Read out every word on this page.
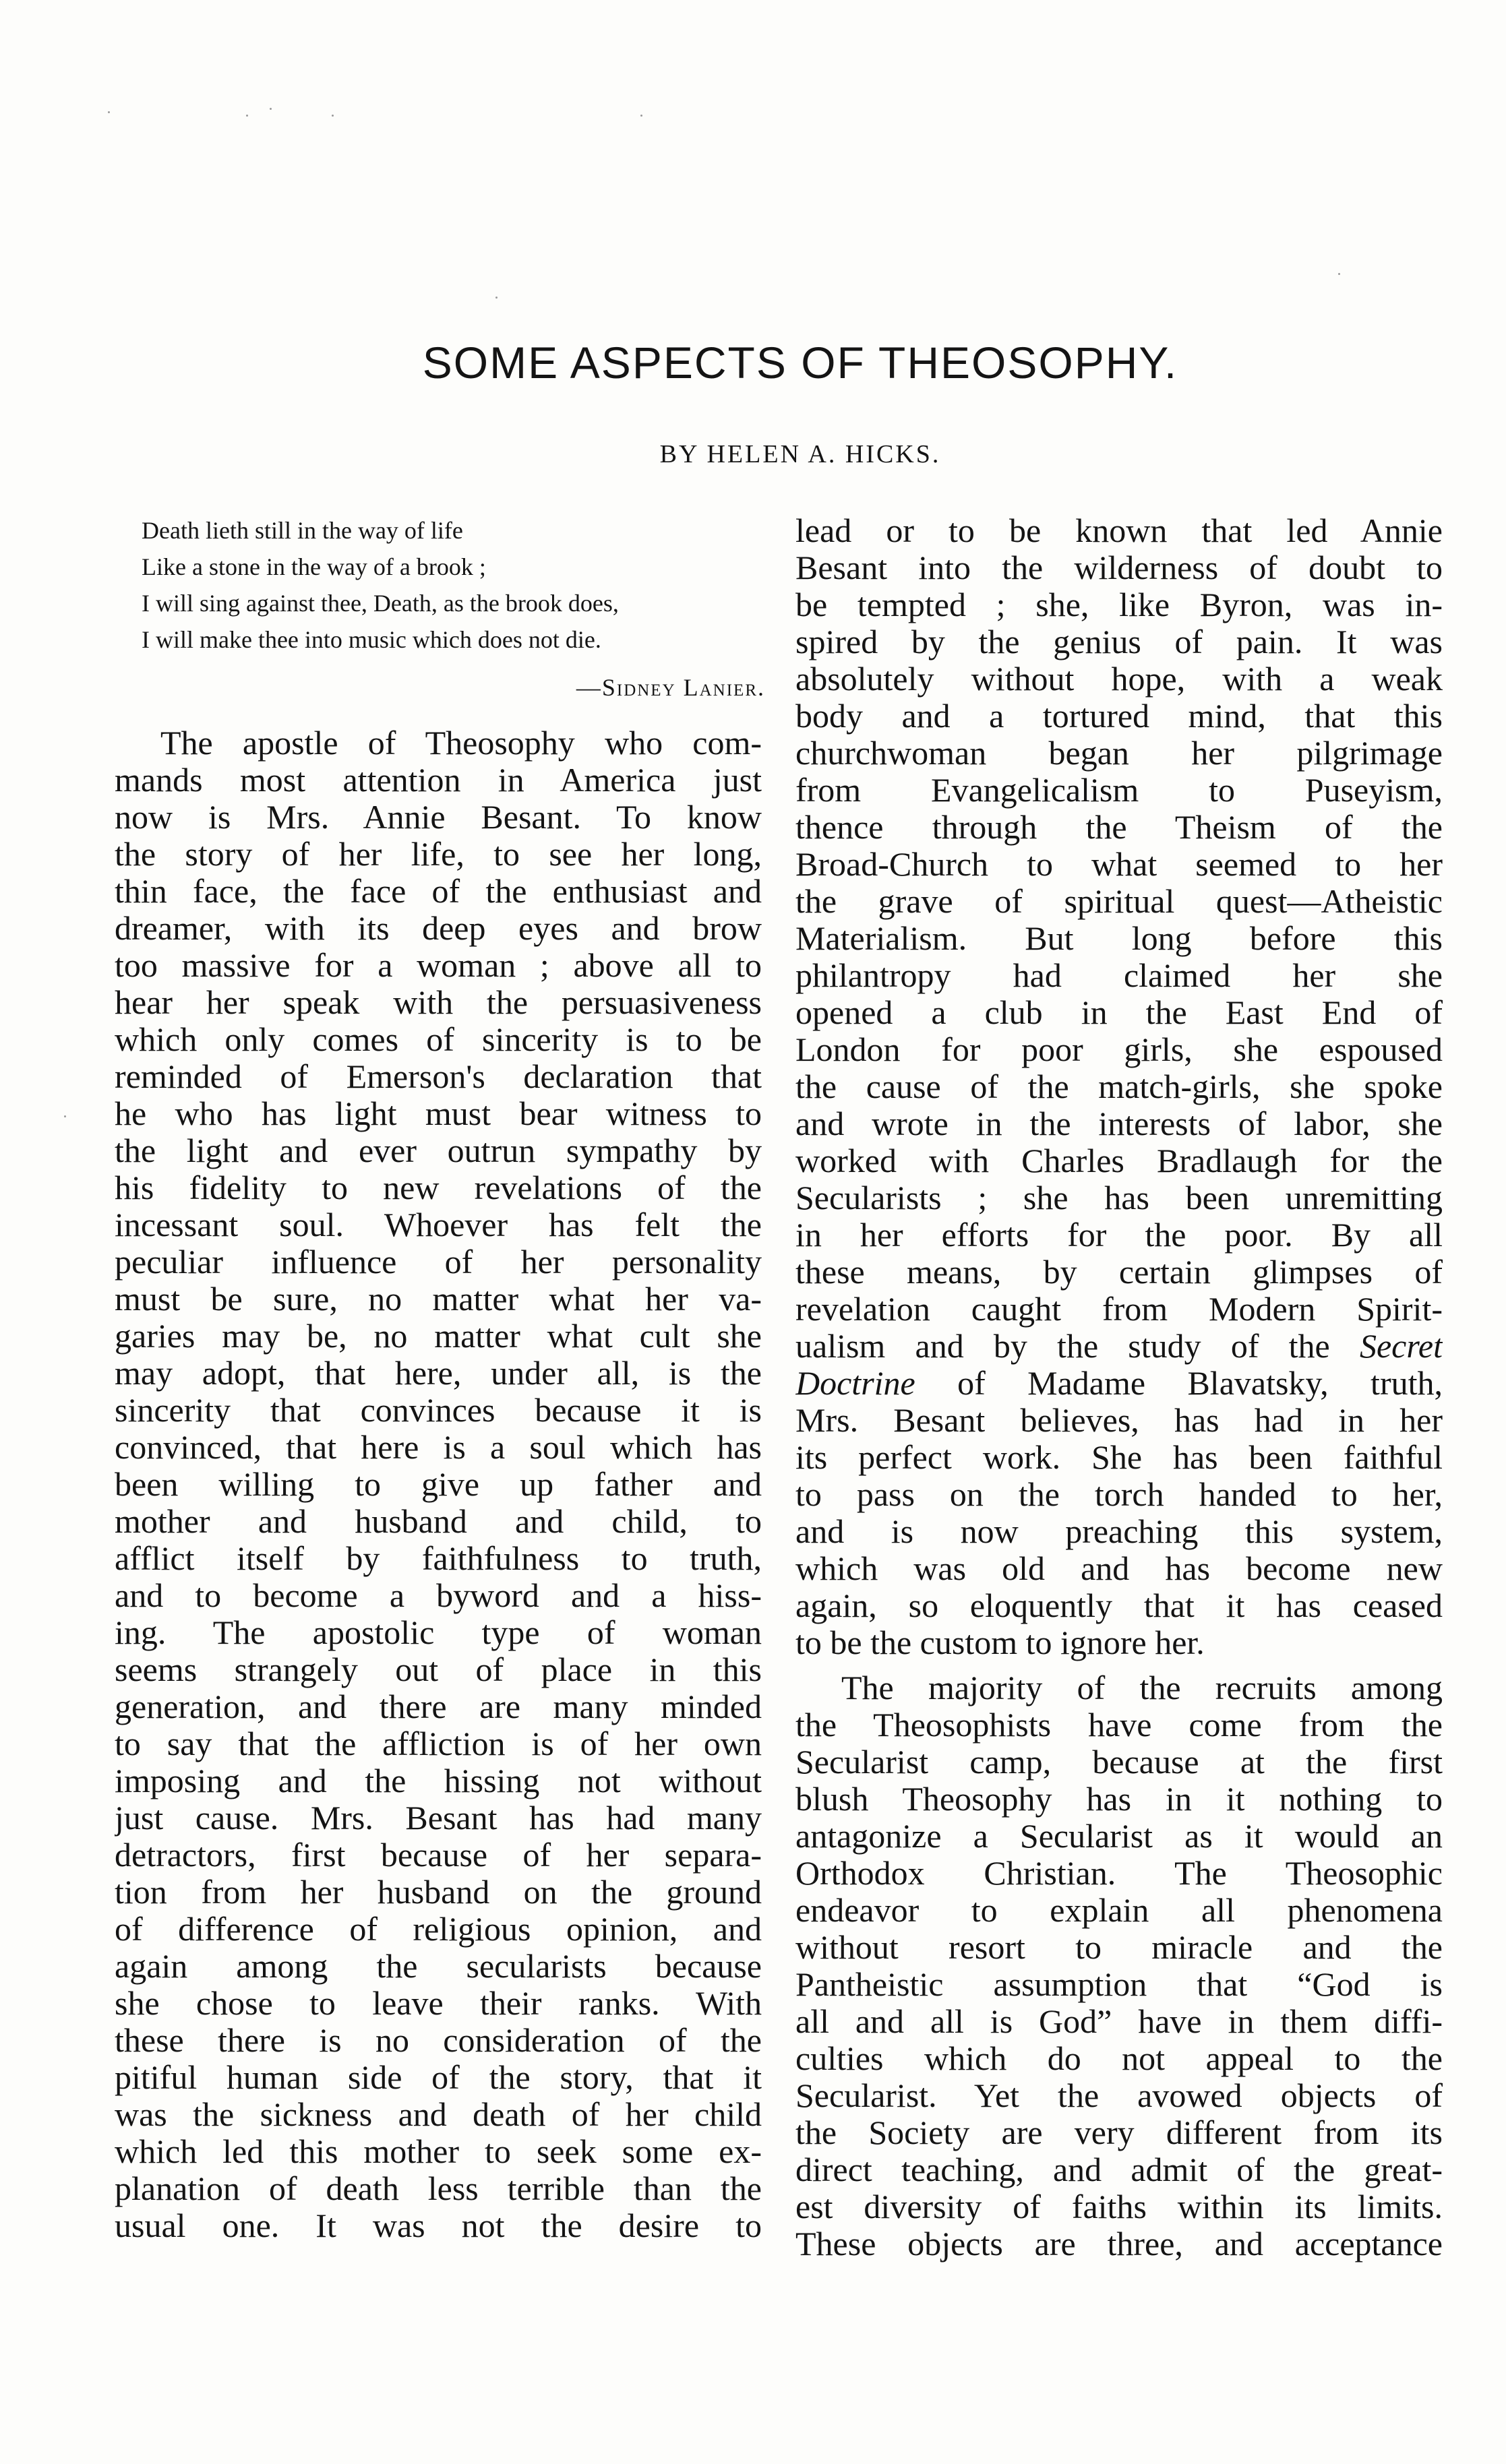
SOME ASPECTS OF THEOSOPHY.
BY HELEN A. HICKS.
Death lieth still in the way of life
Like a stone in the way of a brook ;
I will sing against thee, Death, as the brook does,
I will make thee into music which does not die.
—Sidney Lanier.
The apostle of Theosophy who com-
mands most attention in America just
now is Mrs. Annie Besant. To know
the story of her life, to see her long,
thin face, the face of the enthusiast and
dreamer, with its deep eyes and brow
too massive for a woman ; above all to
hear her speak with the persuasiveness
which only comes of sincerity is to be
reminded of Emerson's declaration that
he who has light must bear witness to
the light and ever outrun sympathy by
his fidelity to new revelations of the
incessant soul. Whoever has felt the
peculiar influence of her personality
must be sure, no matter what her va-
garies may be, no matter what cult she
may adopt, that here, under all, is the
sincerity that convinces because it is
convinced, that here is a soul which has
been willing to give up father and
mother and husband and child, to
afflict itself by faithfulness to truth,
and to become a byword and a hiss-
ing. The apostolic type of woman
seems strangely out of place in this
generation, and there are many minded
to say that the affliction is of her own
imposing and the hissing not without
just cause. Mrs. Besant has had many
detractors, first because of her separa-
tion from her husband on the ground
of difference of religious opinion, and
again among the secularists because
she chose to leave their ranks. With
these there is no consideration of the
pitiful human side of the story, that it
was the sickness and death of her child
which led this mother to seek some ex-
planation of death less terrible than the
usual one. It was not the desire to
lead or to be known that led Annie
Besant into the wilderness of doubt to
be tempted ; she, like Byron, was in-
spired by the genius of pain. It was
absolutely without hope, with a weak
body and a tortured mind, that this
churchwoman began her pilgrimage
from Evangelicalism to Puseyism,
thence through the Theism of the
Broad-Church to what seemed to her
the grave of spiritual quest—Atheistic
Materialism. But long before this
philantropy had claimed her she
opened a club in the East End of
London for poor girls, she espoused
the cause of the match-girls, she spoke
and wrote in the interests of labor, she
worked with Charles Bradlaugh for the
Secularists ; she has been unremitting
in her efforts for the poor. By all
these means, by certain glimpses of
revelation caught from Modern Spirit-
ualism and by the study of the Secret
Doctrine of Madame Blavatsky, truth,
Mrs. Besant believes, has had in her
its perfect work. She has been faithful
to pass on the torch handed to her,
and is now preaching this system,
which was old and has become new
again, so eloquently that it has ceased
to be the custom to ignore her.
The majority of the recruits among
the Theosophists have come from the
Secularist camp, because at the first
blush Theosophy has in it nothing to
antagonize a Secularist as it would an
Orthodox Christian. The Theosophic
endeavor to explain all phenomena
without resort to miracle and the
Pantheistic assumption that “God is
all and all is God” have in them diffi-
culties which do not appeal to the
Secularist. Yet the avowed objects of
the Society are very different from its
direct teaching, and admit of the great-
est diversity of faiths within its limits.
These objects are three, and acceptance
